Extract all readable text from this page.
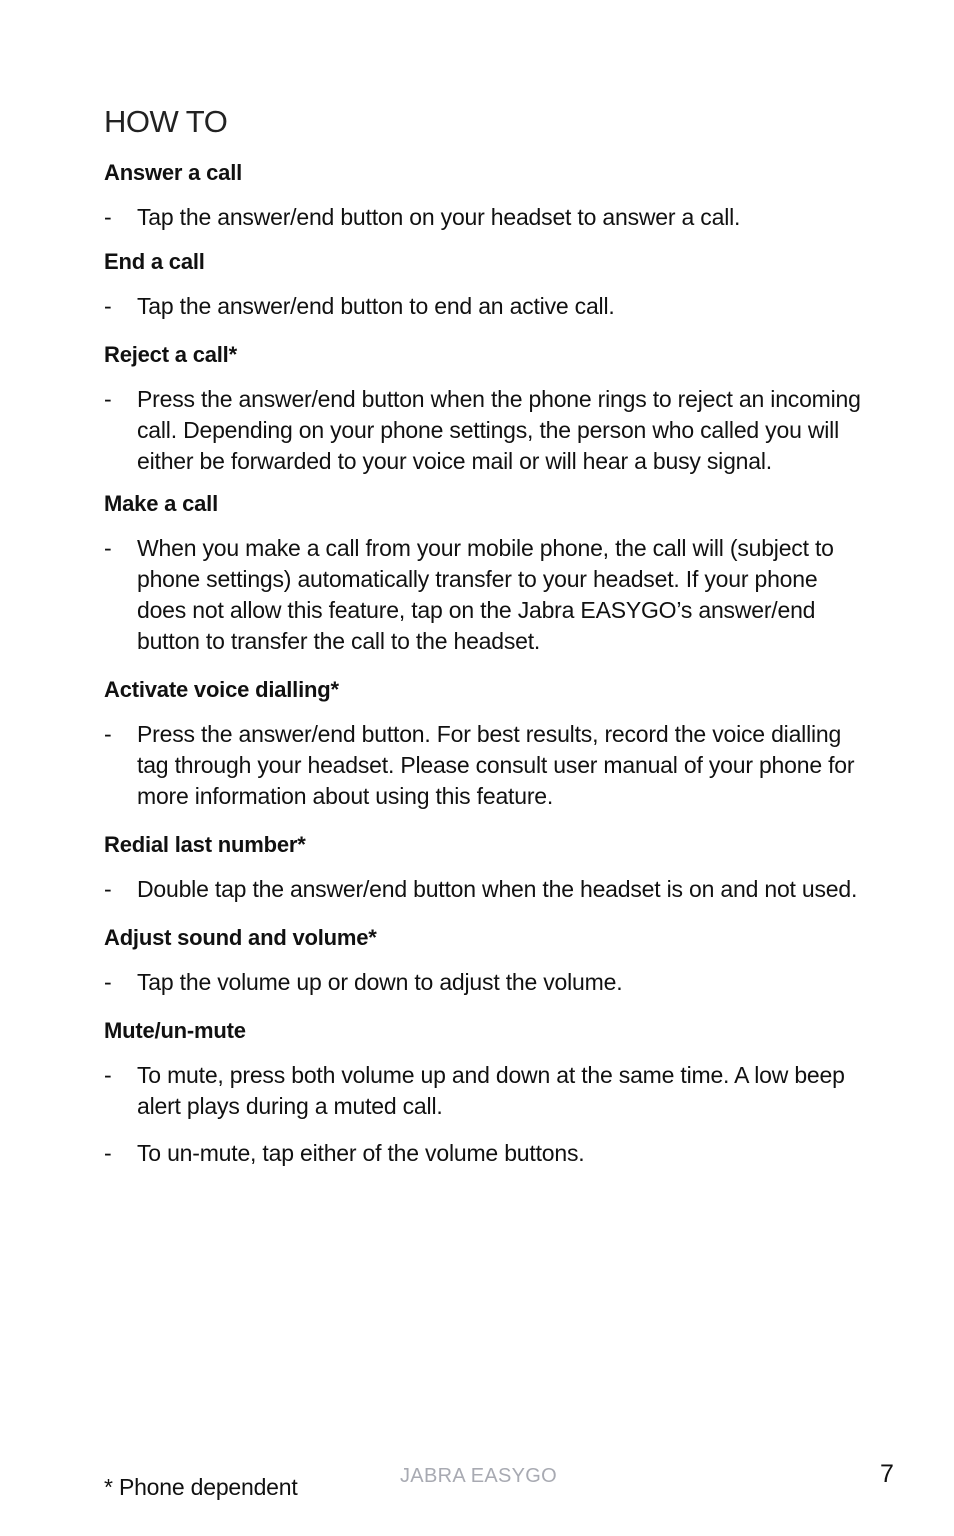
HOW TO
Answer a call
-	Tap the answer/end button on your headset to answer a call.
End a call
-	Tap the answer/end button to end an active call.
Reject a call*
-	Press the answer/end button when the phone rings to reject an incoming call. Depending on your phone settings, the person who called you will either be forwarded to your voice mail or will hear a busy signal.
Make a call
-	When you make a call from your mobile phone, the call will (subject to phone settings) automatically transfer to your headset. If your phone does not allow this feature, tap on the Jabra EASYGO’s answer/end button to transfer the call to the headset.
Activate voice dialling*
-	Press the answer/end button. For best results, record the voice dialling tag through your headset. Please consult user manual of your phone for more information about using this feature.
Redial last number*
-	Double tap the answer/end button when the headset is on and not used.
Adjust sound and volume*
-	Tap the volume up or down to adjust the volume.
Mute/un-mute
-	To mute, press both volume up and down at the same time. A low beep alert plays during a muted call.
-	To un-mute, tap either of the volume buttons.
* Phone dependent	JABRA EASYGO	7
